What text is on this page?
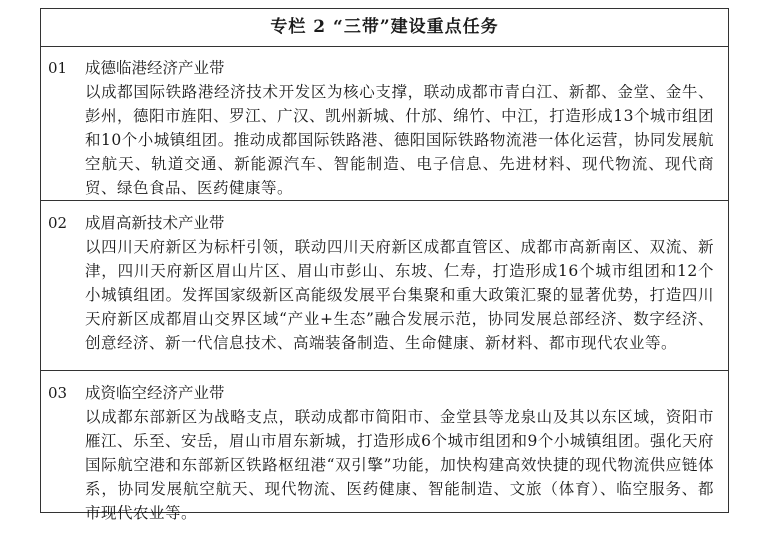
专栏 2 “三带”建设重点任务
01 成德临港经济产业带
以成都国际铁路港经济技术开发区为核心支撑，联动成都市青白江、新都、金堂、金牛、彭州，德阳市旌阳、罗江、广汉、凯州新城、什邡、绵竹、中江，打造形成13个城市组团和10个小城镇组团。推动成都国际铁路港、德阳国际铁路物流港一体化运营，协同发展航空航天、轨道交通、新能源汽车、智能制造、电子信息、先进材料、现代物流、现代商贸、绿色食品、医药健康等。
02 成眉高新技术产业带
以四川天府新区为标杆引领，联动四川天府新区成都直管区、成都市高新南区、双流、新津，四川天府新区眉山片区、眉山市彭山、东坡、仁寿，打造形成16个城市组团和12个小城镇组团。发挥国家级新区高能级发展平台集聚和重大政策汇聚的显著优势，打造四川天府新区成都眉山交界区域“产业+生态”融合发展示范，协同发展总部经济、数字经济、创意经济、新一代信息技术、高端装备制造、生命健康、新材料、都市现代农业等。
03 成资临空经济产业带
以成都东部新区为战略支点，联动成都市简阳市、金堂县等龙泉山及其以东区域，资阳市雁江、乐至、安岳，眉山市眉东新城，打造形成6个城市组团和9个小城镇组团。强化天府国际航空港和东部新区铁路枢纽港“双引擎”功能，加快构建高效快捷的现代物流供应链体系，协同发展航空航天、现代物流、医药健康、智能制造、文旅（体育）、临空服务、都市现代农业等。
